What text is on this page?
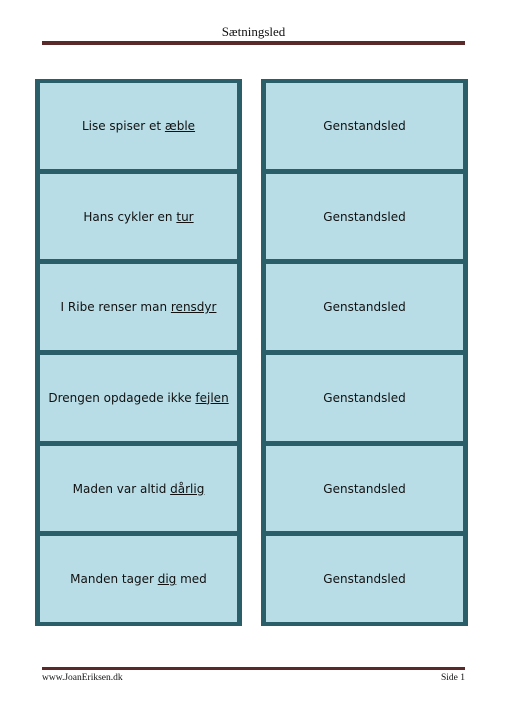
Sætningsled
Lise spiser et æble
Hans cykler en tur
I Ribe renser man rensdyr
Drengen opdagede ikke fejlen
Maden var altid dårlig
Manden tager dig med
Genstandsled
Genstandsled
Genstandsled
Genstandsled
Genstandsled
Genstandsled
www.JoanEriksen.dk	Side 1
